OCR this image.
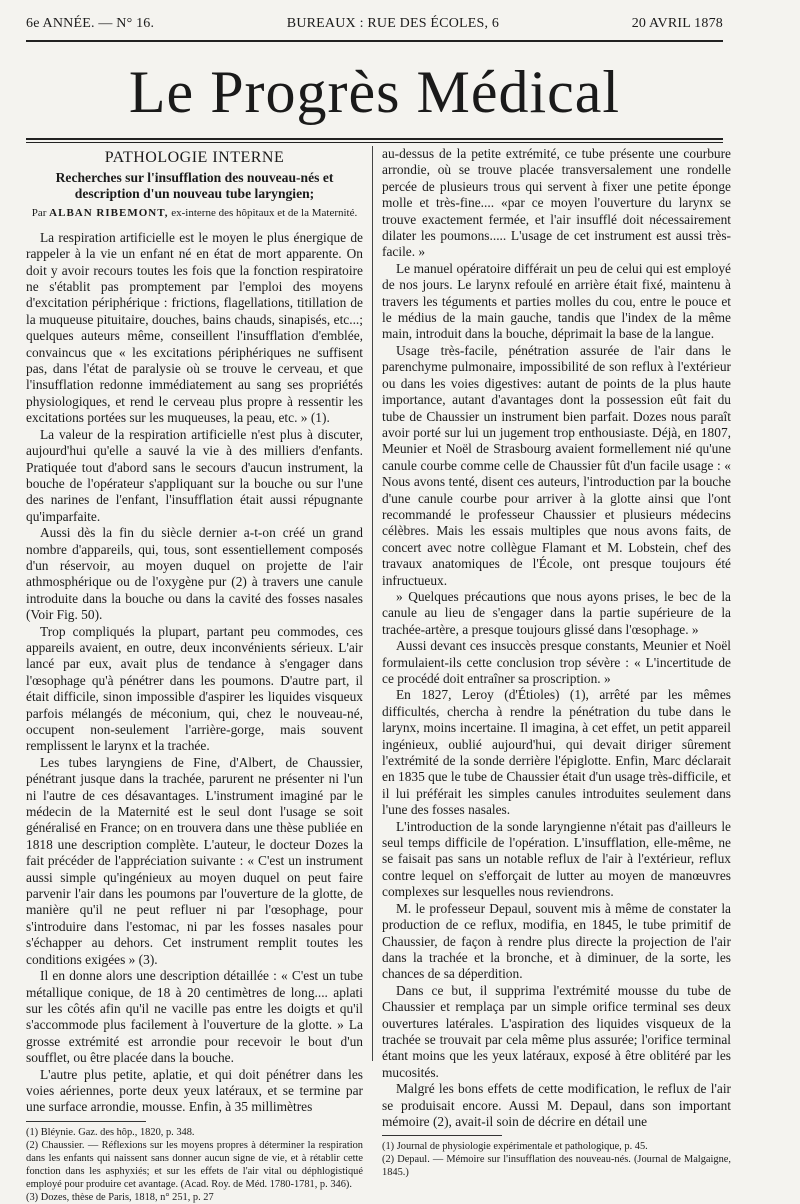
6e ANNÉE. — N° 16.	BUREAUX : RUE DES ÉCOLES, 6	20 AVRIL 1878
Le Progrès Médical
PATHOLOGIE INTERNE
Recherches sur l'insufflation des nouveau-nés et description d'un nouveau tube laryngien;
Par ALBAN RIBEMONT, ex-interne des hôpitaux et de la Maternité.

La respiration artificielle est le moyen le plus énergique de rappeler à la vie un enfant né en état de mort apparente. On doit y avoir recours toutes les fois que la fonction respiratoire ne s'établit pas promptement par l'emploi des moyens d'excitation périphérique : frictions, flagellations, titillation de la muqueuse pituitaire, douches, bains chauds, sinapisés, etc...; quelques auteurs même, conseillent l'insufflation d'emblée, convaincus que « les excitations périphériques ne suffisent pas, dans l'état de paralysie où se trouve le cerveau, et que l'insufflation redonne immédiatement au sang ses propriétés physiologiques, et rend le cerveau plus propre à ressentir les excitations portées sur les muqueuses, la peau, etc. » (1).

La valeur de la respiration artificielle n'est plus à discuter, aujourd'hui qu'elle a sauvé la vie à des milliers d'enfants. Pratiquée tout d'abord sans le secours d'aucun instrument, la bouche de l'opérateur s'appliquant sur la bouche ou sur l'une des narines de l'enfant, l'insufflation était aussi répugnante qu'imparfaite.

Aussi dès la fin du siècle dernier a-t-on créé un grand nombre d'appareils, qui, tous, sont essentiellement composés d'un réservoir, au moyen duquel on projette de l'air athmosphérique ou de l'oxygène pur (2) à travers une canule introduite dans la bouche ou dans la cavité des fosses nasales (Voir Fig. 50).

Trop compliqués la plupart, partant peu commodes, ces appareils avaient, en outre, deux inconvénients sérieux. L'air lancé par eux, avait plus de tendance à s'engager dans l'œsophage qu'à pénétrer dans les poumons. D'autre part, il était difficile, sinon impossible d'aspirer les liquides visqueux parfois mélangés de méconium, qui, chez le nouveau-né, occupent non-seulement l'arrière-gorge, mais souvent remplissent le larynx et la trachée.

Les tubes laryngiens de Fine, d'Albert, de Chaussier, pénétrant jusque dans la trachée, parurent ne présenter ni l'un ni l'autre de ces désavantages. L'instrument imaginé par le médecin de la Maternité est le seul dont l'usage se soit généralisé en France; on en trouvera dans une thèse publiée en 1818 une description complète. L'auteur, le docteur Dozes la fait précéder de l'appréciation suivante : « C'est un instrument aussi simple qu'ingénieux au moyen duquel on peut faire parvenir l'air dans les poumons par l'ouverture de la glotte, de manière qu'il ne peut refluer ni par l'œsophage, pour s'introduire dans l'estomac, ni par les fosses nasales pour s'échapper au dehors. Cet instrument remplit toutes les conditions exigées » (3).

Il en donne alors une description détaillée : « C'est un tube métallique conique, de 18 à 20 centimètres de long.... aplati sur les côtés afin qu'il ne vacille pas entre les doigts et qu'il s'accommode plus facilement à l'ouverture de la glotte. » La grosse extrémité est arrondie pour recevoir le bout d'un soufflet, ou être placée dans la bouche.

L'autre plus petite, aplatie, et qui doit pénétrer dans les voies aériennes, porte deux yeux latéraux, et se termine par une surface arrondie, mousse. Enfin, à 35 millimètres

(1) Bléynie. Gaz. des hôp., 1820, p. 348.

(2) Chaussier. — Réflexions sur les moyens propres à déterminer la respiration dans les enfants qui naissent sans donner aucun signe de vie, et à rétablir cette fonction dans les asphyxiés; et sur les effets de l'air vital ou déphlogistiqué employé pour produire cet avantage. (Acad. Roy. de Méd. 1780-1781, p. 346).

(3) Dozes, thèse de Paris, 1818, n° 251, p. 27

au-dessus de la petite extrémité, ce tube présente une courbure arrondie, où se trouve placée transversalement une rondelle percée de plusieurs trous qui servent à fixer une petite éponge molle et très-fine.... «par ce moyen l'ouverture du larynx se trouve exactement fermée, et l'air insufflé doit nécessairement dilater les poumons..... L'usage de cet instrument est aussi très-facile. »

Le manuel opératoire différait un peu de celui qui est employé de nos jours. Le larynx refoulé en arrière était fixé, maintenu à travers les téguments et parties molles du cou, entre le pouce et le médius de la main gauche, tandis que l'index de la même main, introduit dans la bouche, déprimait la base de la langue.

Usage très-facile, pénétration assurée de l'air dans le parenchyme pulmonaire, impossibilité de son reflux à l'extérieur ou dans les voies digestives: autant de points de la plus haute importance, autant d'avantages dont la possession eût fait du tube de Chaussier un instrument bien parfait. Dozes nous paraît avoir porté sur lui un jugement trop enthousiaste. Déjà, en 1807, Meunier et Noël de Strasbourg avaient formellement nié qu'une canule courbe comme celle de Chaussier fût d'un facile usage : « Nous avons tenté, disent ces auteurs, l'introduction par la bouche d'une canule courbe pour arriver à la glotte ainsi que l'ont recommandé le professeur Chaussier et plusieurs médecins célèbres. Mais les essais multiples que nous avons faits, de concert avec notre collègue Flamant et M. Lobstein, chef des travaux anatomiques de l'École, ont presque toujours été infructueux.

» Quelques précautions que nous ayons prises, le bec de la canule au lieu de s'engager dans la partie supérieure de la trachée-artère, a presque toujours glissé dans l'œsophage. »

Aussi devant ces insuccès presque constants, Meunier et Noël formulaient-ils cette conclusion trop sévère : « L'incertitude de ce procédé doit entraîner sa proscription. »

En 1827, Leroy (d'Étioles) (1), arrêté par les mêmes difficultés, chercha à rendre la pénétration du tube dans le larynx, moins incertaine. Il imagina, à cet effet, un petit appareil ingénieux, oublié aujourd'hui, qui devait diriger sûrement l'extrémité de la sonde derrière l'épiglotte. Enfin, Marc déclarait en 1835 que le tube de Chaussier était d'un usage très-difficile, et il lui préférait les simples canules introduites seulement dans l'une des fosses nasales.

L'introduction de la sonde laryngienne n'était pas d'ailleurs le seul temps difficile de l'opération. L'insufflation, elle-même, ne se faisait pas sans un notable reflux de l'air à l'extérieur, reflux contre lequel on s'efforçait de lutter au moyen de manœuvres complexes sur lesquelles nous reviendrons.

M. le professeur Depaul, souvent mis à même de constater la production de ce reflux, modifia, en 1845, le tube primitif de Chaussier, de façon à rendre plus directe la projection de l'air dans la trachée et la bronche, et à diminuer, de la sorte, les chances de sa déperdition.

Dans ce but, il supprima l'extrémité mousse du tube de Chaussier et remplaça par un simple orifice terminal ses deux ouvertures latérales. L'aspiration des liquides visqueux de la trachée se trouvait par cela même plus assurée; l'orifice terminal étant moins que les yeux latéraux, exposé à être oblitéré par les mucosités.

Malgré les bons effets de cette modification, le reflux de l'air se produisait encore. Aussi M. Depaul, dans son important mémoire (2), avait-il soin de décrire en détail une

(1) Journal de physiologie expérimentale et pathologique, p. 45.

(2) Depaul. — Mémoire sur l'insufflation des nouveau-nés. (Journal de Malgaigne, 1845.)
